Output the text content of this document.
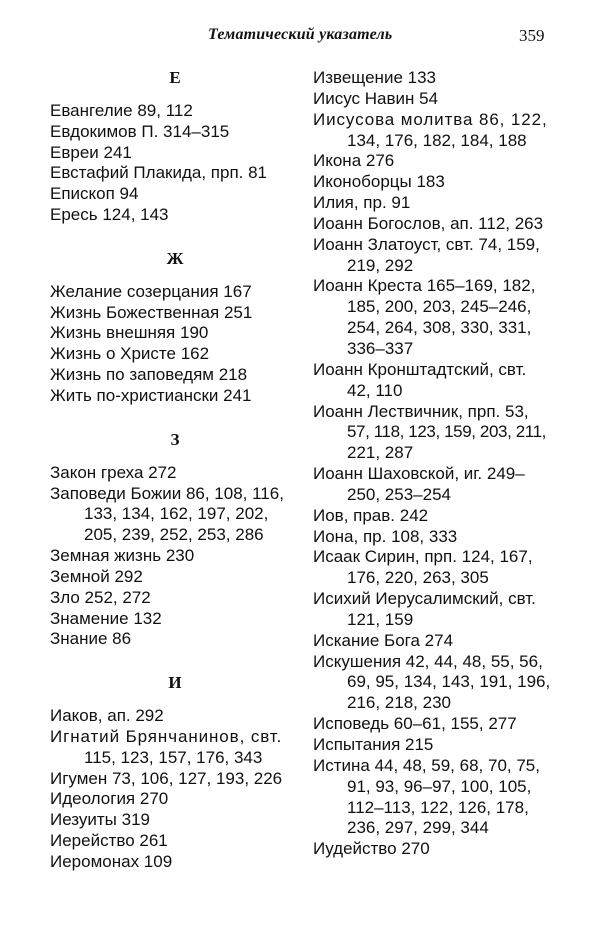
Тематический указатель	359
Е
Евангелие 89, 112
Евдокимов П. 314–315
Евреи 241
Евстафий Плакида, прп. 81
Епископ 94
Ересь 124, 143
Ж
Желание созерцания 167
Жизнь Божественная 251
Жизнь внешняя 190
Жизнь о Христе 162
Жизнь по заповедям 218
Жить по-христиански 241
З
Закон греха 272
Заповеди Божии 86, 108, 116,
133, 134, 162, 197, 202,
205, 239, 252, 253, 286
Земная жизнь 230
Земной 292
Зло 252, 272
Знамение 132
Знание 86
И
Иаков, ап. 292
Игнатий Брянчанинов, свт.
115, 123, 157, 176, 343
Игумен 73, 106, 127, 193, 226
Идеология 270
Иезуиты 319
Иерейство 261
Иеромонах 109
Извещение 133
Иисус Навин 54
Иисусова молитва 86, 122,
134, 176, 182, 184, 188
Икона 276
Иконоборцы 183
Илия, пр. 91
Иоанн Богослов, ап. 112, 263
Иоанн Златоуст, свт. 74, 159,
219, 292
Иоанн Креста 165–169, 182,
185, 200, 203, 245–246,
254, 264, 308, 330, 331,
336–337
Иоанн Кронштадтский, свт.
42, 110
Иоанн Лествичник, прп. 53,
57, 118, 123, 159, 203, 211,
221, 287
Иоанн Шаховской, иг. 249–
250, 253–254
Иов, прав. 242
Иона, пр. 108, 333
Исаак Сирин, прп. 124, 167,
176, 220, 263, 305
Исихий Иерусалимский, свт.
121, 159
Искание Бога 274
Искушения 42, 44, 48, 55, 56,
69, 95, 134, 143, 191, 196,
216, 218, 230
Исповедь 60–61, 155, 277
Испытания 215
Истина 44, 48, 59, 68, 70, 75,
91, 93, 96–97, 100, 105,
112–113, 122, 126, 178,
236, 297, 299, 344
Иудейство 270
